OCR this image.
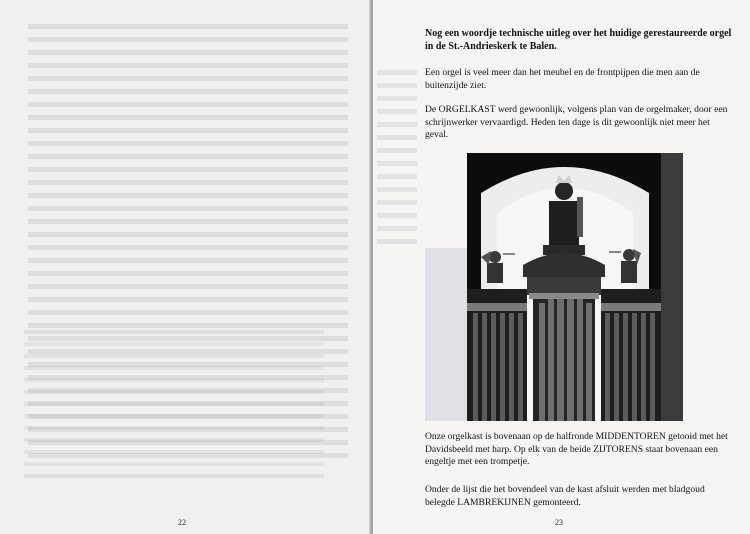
22

Nog een woordje technische uitleg over het huidige gerestaureerde orgel in de St.-Andrieskerk te Balen.

Een orgel is veel meer dan het meubel en de frontpijpen die men aan de buitenzijde ziet.

De ORGELKAST werd gewoonlijk, volgens plan van de orgelmaker, door een schrijnwerker vervaardigd. Heden ten dage is dit gewoonlijk niet meer het geval.

Onze orgelkast is bovenaan op de halfronde MIDDENTOREN getooid met het Davidsbeeld met harp. Op elk van de beide ZIJTORENS staat bovenaan een engeltje met een trompetje.

Onder de lijst die het bovendeel van de kast afsluit werden met bladgoud belegde LAMBREKIJNEN gemonteerd.

23
